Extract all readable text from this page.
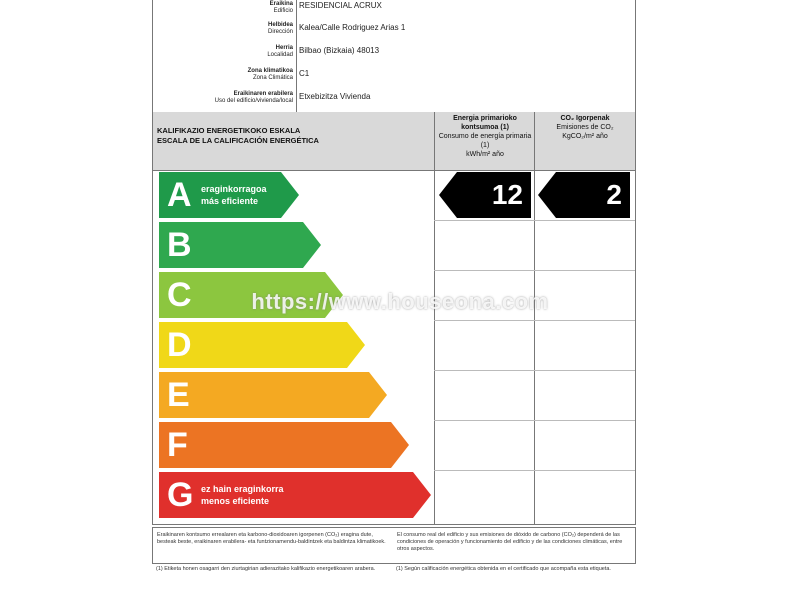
Eraikina
Edificio
RESIDENCIAL ACRUX
Helbidea
Dirección Kalea/Calle Rodriguez Arias 1
Herria
Localidad Bilbao (Bizkaia) 48013
Zona klimatikoa
Zona Climática C1
Eraikinaren erabilera
Uso del edificio/vivienda/local Etxebizitza Vivienda
KALIFIKAZIO ENERGETIKOKO ESKALA
ESCALA DE LA CALIFICACIÓN ENERGÉTICA
Energia primarioko kontsumoa (1)
Consumo de energía primaria (1)
kWh/m² año
CO₂ Igorpenak
Emisiones de CO₂
KgCO₂/m² año
A eraginkorragoa
más eficiente
B
C
D
E
F
G ez hain eraginkorra
menos eficiente
12	2
Eraikinaren kontsumo errealaren eta karbono-dioxidoaren igorpenen (CO₂) eragina dute, besteak beste, eraikinaren erabilera- eta funtzionamendu-baldintzek eta baldintza klimatikoek.
El consumo real del edificio y sus emisiones de dióxido de carbono (CO₂) dependerá de las condiciones de operación y funcionamiento del edificio y de las condiciones climáticas, entre otros aspectos.
(1) Etiketa honen osagarri den ziurtagirian adierazitako kalifikazio energetikoaren arabera.	(1) Según calificación energética obtenida en el certificado que acompaña esta etiqueta.
https://www.houseona.com
